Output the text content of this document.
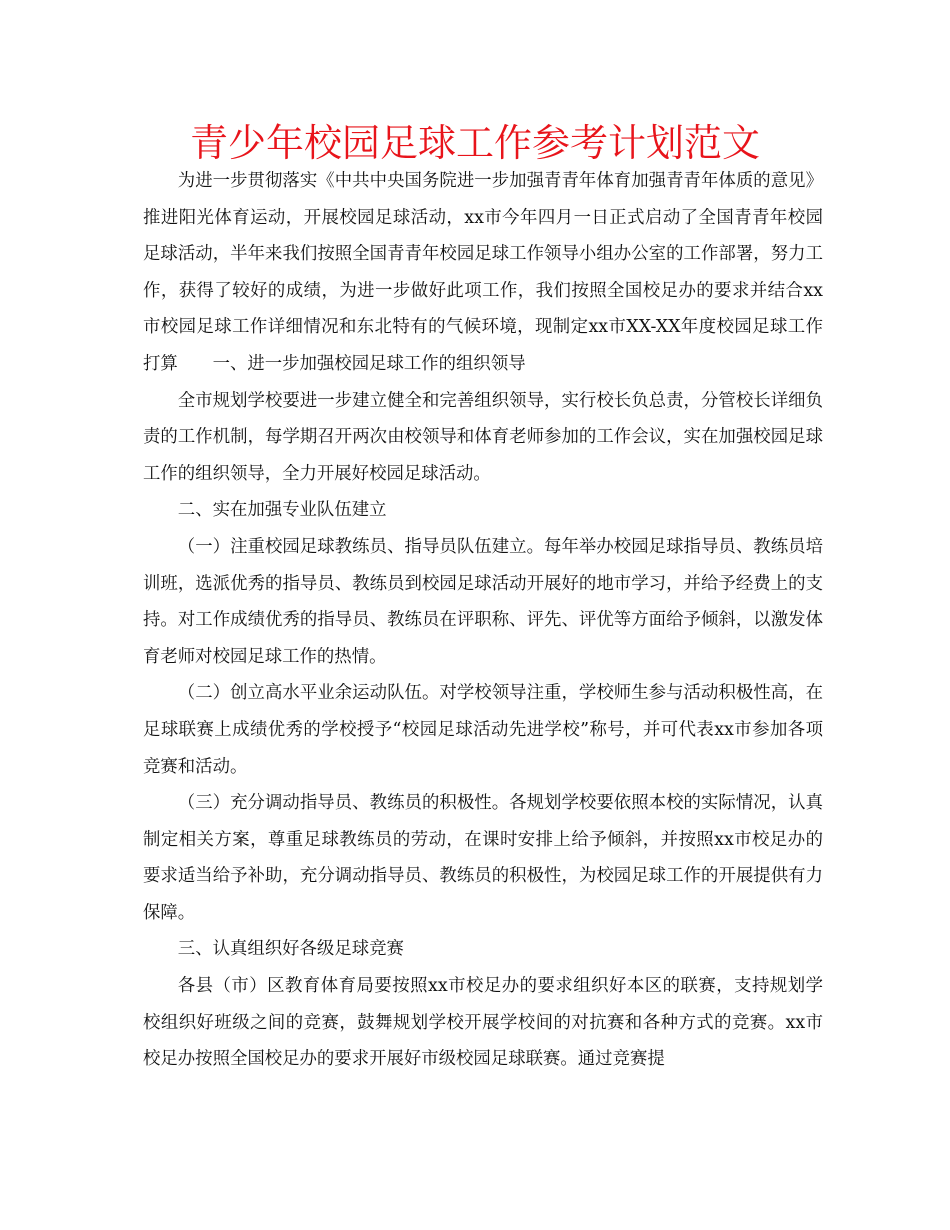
青少年校园足球工作参考计划范文

为进一步贯彻落实《中共中央国务院进一步加强青青年体育加强青青年体质的意见》推进阳光体育运动，开展校园足球活动，xx市今年四月一日正式启动了全国青青年校园足球活动，半年来我们按照全国青青年校园足球工作领导小组办公室的工作部署，努力工作，获得了较好的成绩，为进一步做好此项工作，我们按照全国校足办的要求并结合xx市校园足球工作详细情况和东北特有的气候环境，现制定xx市XX-XX年度校园足球工作打算　　一、进一步加强校园足球工作的组织领导

全市规划学校要进一步建立健全和完善组织领导，实行校长负总责，分管校长详细负责的工作机制，每学期召开两次由校领导和体育老师参加的工作会议，实在加强校园足球工作的组织领导，全力开展好校园足球活动。

二、实在加强专业队伍建立

（一）注重校园足球教练员、指导员队伍建立。每年举办校园足球指导员、教练员培训班，选派优秀的指导员、教练员到校园足球活动开展好的地市学习，并给予经费上的支持。对工作成绩优秀的指导员、教练员在评职称、评先、评优等方面给予倾斜，以激发体育老师对校园足球工作的热情。

（二）创立高水平业余运动队伍。对学校领导注重，学校师生参与活动积极性高，在足球联赛上成绩优秀的学校授予“校园足球活动先进学校”称号，并可代表xx市参加各项竞赛和活动。

（三）充分调动指导员、教练员的积极性。各规划学校要依照本校的实际情况，认真制定相关方案，尊重足球教练员的劳动，在课时安排上给予倾斜，并按照xx市校足办的要求适当给予补助，充分调动指导员、教练员的积极性，为校园足球工作的开展提供有力保障。

三、认真组织好各级足球竞赛

各县（市）区教育体育局要按照xx市校足办的要求组织好本区的联赛，支持规划学校组织好班级之间的竞赛，鼓舞规划学校开展学校间的对抗赛和各种方式的竞赛。xx市校足办按照全国校足办的要求开展好市级校园足球联赛。通过竞赛提
